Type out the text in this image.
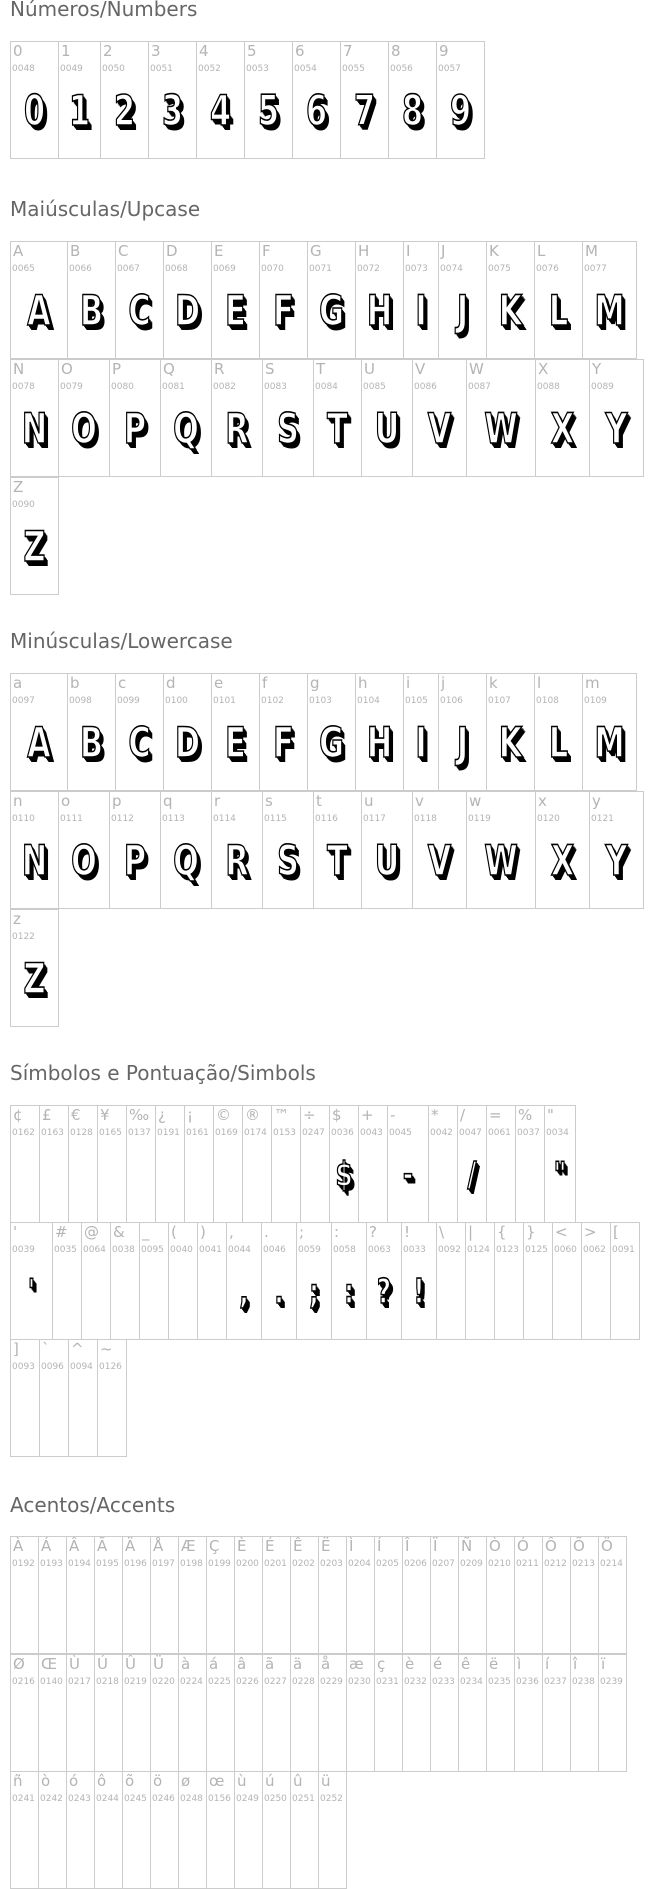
Números/Numbers
0
0048
0
1
0049
1
2
0050
2
3
0051
3
4
0052
4
5
0053
5
6
0054
6
7
0055
7
8
0056
8
9
0057
9
Maiúsculas/Upcase
A
0065
A
B
0066
B
C
0067
C
D
0068
D
E
0069
E
F
0070
F
G
0071
G
H
0072
H
I
0073
I
J
0074
J
K
0075
K
L
0076
L
M
0077
M
N
0078
N
O
0079
O
P
0080
P
Q
0081
Q
R
0082
R
S
0083
S
T
0084
T
U
0085
U
V
0086
V
W
0087
W
X
0088
X
Y
0089
Y
Z
0090
Z
Minúsculas/Lowercase
a
0097
A
b
0098
B
c
0099
C
d
0100
D
e
0101
E
f
0102
F
g
0103
G
h
0104
H
i
0105
I
j
0106
J
k
0107
K
l
0108
L
m
0109
M
n
0110
N
o
0111
O
p
0112
P
q
0113
Q
r
0114
R
s
0115
S
t
0116
T
u
0117
U
v
0118
V
w
0119
W
x
0120
X
y
0121
Y
z
0122
Z
Símbolos e Pontuação/Simbols
¢
0162
£
0163
€
0128
¥
0165
‰
0137
¿
0191
¡
0161
©
0169
®
0174
™
0153
÷
0247
$
0036
$
+
0043
-
0045
-
*
0042
/
0047
/
=
0061
%
0037
"
0034
"
'
0039
'
#
0035
@
0064
&
0038
_
0095
(
0040
)
0041
,
0044
,
.
0046
.
;
0059
;
:
0058
:
?
0063
?
!
0033
!
\
0092
|
0124
{
0123
}
0125
<
0060
>
0062
[
0091
]
0093
`
0096
^
0094
~
0126
Acentos/Accents
À
0192
Á
0193
Â
0194
Ã
0195
Ä
0196
Å
0197
Æ
0198
Ç
0199
È
0200
É
0201
Ê
0202
Ë
0203
Ì
0204
Í
0205
Î
0206
Ï
0207
Ñ
0209
Ò
0210
Ó
0211
Ô
0212
Õ
0213
Ö
0214
Ø
0216
Œ
0140
Ù
0217
Ú
0218
Û
0219
Ü
0220
à
0224
á
0225
â
0226
ã
0227
ä
0228
å
0229
æ
0230
ç
0231
è
0232
é
0233
ê
0234
ë
0235
ì
0236
í
0237
î
0238
ï
0239
ñ
0241
ò
0242
ó
0243
ô
0244
õ
0245
ö
0246
ø
0248
œ
0156
ù
0249
ú
0250
û
0251
ü
0252
